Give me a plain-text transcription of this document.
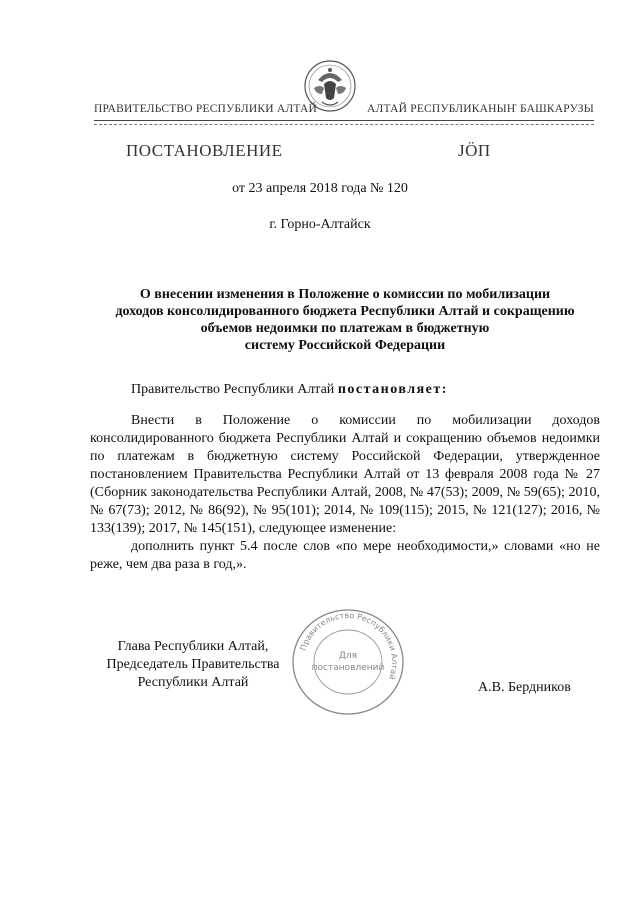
ПРАВИТЕЛЬСТВО РЕСПУБЛИКИ АЛТАЙ	АЛТАЙ РЕСПУБЛИКАНЫҤ БАШКАРУЗЫ
ПОСТАНОВЛЕНИЕ	JӦП
от 23 апреля 2018 года № 120
г. Горно-Алтайск
О внесении изменения в Положение о комиссии по мобилизации
доходов консолидированного бюджета Республики Алтай и сокращению
объемов недоимки по платежам в бюджетную
систему Российской Федерации
Правительство Республики Алтай постановляет:

Внести в Положение о комиссии по мобилизации доходов консолидированного бюджета Республики Алтай и сокращению объемов недоимки по платежам в бюджетную систему Российской Федерации, утвержденное постановлением Правительства Республики Алтай от 13 февраля 2008 года № 27 (Сборник законодательства Республики Алтай, 2008, № 47(53); 2009, № 59(65); 2010, № 67(73); 2012, № 86(92), № 95(101); 2014, № 109(115); 2015, № 121(127); 2016, № 133(139); 2017, № 145(151), следующее изменение:

дополнить пункт 5.4 после слов «по мере необходимости,» словами «но не реже, чем два раза в год,».

Глава Республики Алтай,
Председатель Правительства
Республики Алтай	А.В. Бердников
Правительство Республики Алтай
Для
постановлений
